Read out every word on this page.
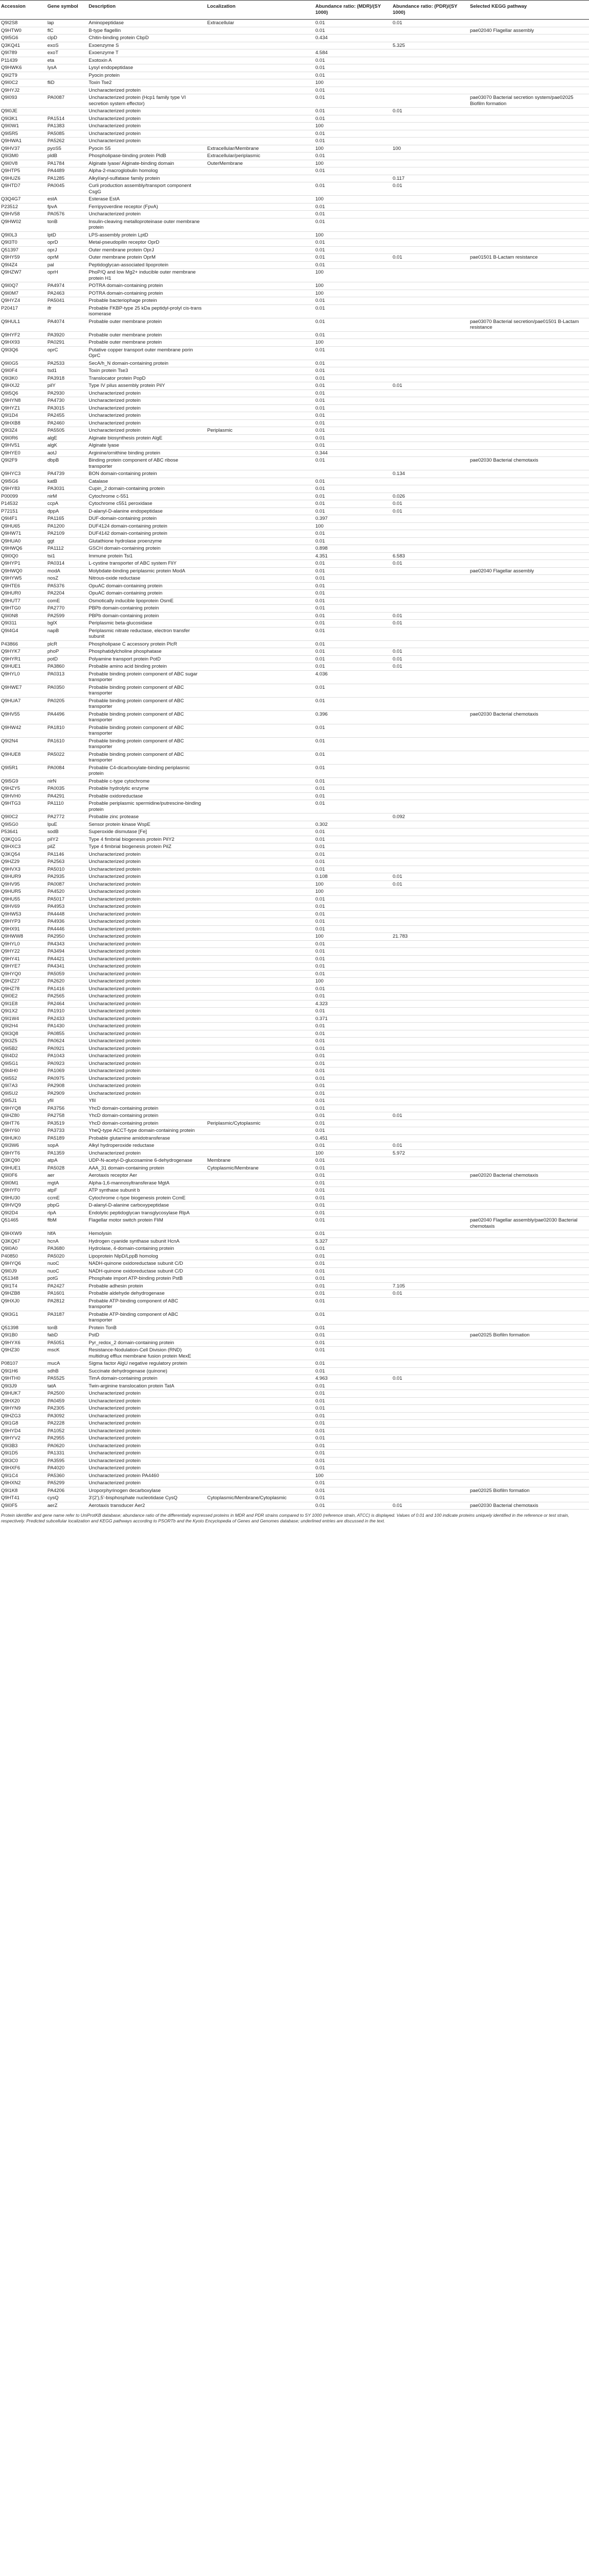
Accession	Gene symbol	Description	Localization	Abundance ratio: (MDR)/(SY 1000)	Abundance ratio: (PDR)/(SY 1000)	Selected KEGG pathway
Q9I2S8	lap	Aminopeptidase	Extracellular	0.01	0.01	
Q9HTW0	flC	B-type flagellin		0.01		pae02040 Flagellar assembly
Q9I5G6	clpD	Chitin-binding protein CbpD		0.434		
Q3KQ41	exoS	Exoenzyme S			5.325	
Q9I789	exoT	Exoenzyme T		4.584		
P11439	eta	Exotoxin A		0.01		
Q9HWK6	lysA	Lysyl endopeptidase		0.01		
Q9I2T9		Pyocin protein		0.01		
Q9I0C2	fliD	Toxin Tse2		100		
Q9HYJ2		Uncharacterized protein		0.01		
Q9I093	PA0087	Uncharacterized protein (Hcp1 family type VI secretion system effector)		0.01		pae03070 Bacterial secretion system/pae02025 Biofilm formation
Q9I0JE		Uncharacterized protein		0.01	0.01	
Q9I3K1	PA1514	Uncharacterized protein		0.01		
Q9I0W1	PA1383	Uncharacterized protein		100		
Q9I5R5	PA5085	Uncharacterized protein		0.01		
Q9HWA1	PA5262	Uncharacterized protein		0.01		
Q9HV37	pyoS5	Pyocin S5	Extracellular/Membrane	100	100	
Q9I3M0	pldB	Phospholipase-binding protein PldB	Extracellular/periplasmic	0.01		
Q9I0V8	PA1784	Alginate lyase/ Alginate-binding domain	OuterMembrane	100		
Q9HTP5	PA4489	Alpha-2-macroglobulin homolog		0.01		
Q9HUZ6	PA1285	Alkyl/aryl-sulfatase family protein			0.117	
Q9HTD7	PA0045	Curli production assembly/transport component CsgG		0.01	0.01	
Q3Q4G7	estA	Esterase EstA		100		
P23512	fpvA	Ferripyoverdine receptor (FpvA)		0.01		
Q9HV58	PA0576	Uncharacterized protein		0.01		
Q9HW02	tonB	Insulin-cleaving metalloproteinase outer membrane protein		0.01		
Q9I0L3	lptD	LPS-assembly protein LptD		100		
Q9I3T0	oprD	Metal-pseudopilin receptor OprD		0.01		
Q51397	oprJ	Outer membrane protein OprJ		0.01		
Q9HY59	oprM	Outer membrane protein OprM		0.01	0.01	pae01501 B-Lactam resistance
Q9I4Z4	pal	Peptidoglycan-associated lipoprotein		0.01		
Q9HZW7	oprH	PhoP/Q and low Mg2+ inducible outer membrane protein H1		100		
Q9I0Q7	PA4974	POTRA domain-containing protein		100		
Q9I0M7	PA2463	POTRA domain-containing protein		100		
Q9HYZ4	PA5041	Probable bacteriophage protein		0.01		
P20417	ifr	Probable FKBP-type 25 kDa peptidyl-prolyl cis-trans isomerase		0.01		
Q9HUL1	PA4074	Probable outer membrane protein		0.01		pae03070 Bacterial secretion/pae01501 B-Lactam resistance
Q9HYF2	PA3920	Probable outer membrane protein		0.01		
Q9HX93	PA0291	Probable outer membrane protein		100		
Q9I3Q6	oprC	Putative copper transport outer membrane porin OprC		0.01		
Q9I0G5	PA2533	SecA/h_N domain-containing protein		0.01		
Q9I0F4	tsd1	Toxin protein Tse3		0.01		
Q9I3K0	PA3918	Translocator protein PopD		0.01		
Q9HXJ2	pilY	Type IV pilus assembly protein PilY		0.01	0.01	
Q9I5Q6	PA2930	Uncharacterized protein		0.01		
Q9HYN8	PA4730	Uncharacterized protein		0.01		
Q9HYZ1	PA3015	Uncharacterized protein		0.01		
Q9I1D4	PA2455	Uncharacterized protein		0.01		
Q9HXB8	PA2460	Uncharacterized protein		0.01		
Q9I3Z4	PA5505	Uncharacterized protein	Periplasmic	0.01		
Q9I0R6	algE	Alginate biosynthesis protein AlgE		0.01		
Q9HV51	algK	Alginate lyase		0.01		
Q9HYE0	aotJ	Arginine/ornithine binding protein		0.344		
Q9I2F9	dbpB	Binding protein component of ABC ribose transporter		0.01		pae02030 Bacterial chemotaxis
Q9HYC3	PA4739	BON domain-containing protein			0.134	
Q9I5G6	katB	Catalase		0.01		
Q9HY83	PA3031	Cupin_2 domain-containing protein		0.01		
P00099	nirM	Cytochrome c-551		0.01	0.026	
P14532	ccpA	Cytochrome c551 peroxidase		0.01	0.01	
P72151	dppA	D-alanyl-D-alanine endopeptidase		0.01	0.01	
Q9I4F1	PA1165	DUF-domain-containing protein		0.397		
Q9HU65	PA1200	DUF4124 domain-containing protein		100		
Q9HW71	PA2109	DUF4142 domain-containing protein		0.01		
Q9HUA0	ggt	Glutathione hydrolase proenzyme		0.01		
Q9HWQ6	PA1112	GSCH domain-containing protein		0.898		
Q9I0Q0	tsi1	Immune protein Tsi1		4.351	6.583	
Q9HYP1	PA0314	L-cystine transporter of ABC system FliY		0.01	0.01	
Q9HWQ0	modA	Molybdate-binding periplasmic protein ModA		0.01		pae02040 Flagellar assembly
Q9HYW5	nosZ	Nitrous-oxide reductase		0.01		
Q9HTE6	PA5376	OpuAC domain-containing protein		0.01		
Q9HUR0	PA2204	OpuAC domain-containing protein		0.01		
Q9HUT7	comE	Osmotically inducible lipoprotein OsmE		0.01		
Q9HTG0	PA2770	PBPb domain-containing protein		0.01		
Q9I0N8	PA2599	PBPb domain-containing protein		0.01	0.01	
Q9I311	bglX	Periplasmic beta-glucosidase		0.01	0.01	
Q9I4G4	napB	Periplasmic nitrate reductase, electron transfer subunit		0.01		
P43866	plcR	Phospholipase C accessory protein PlcR		0.01		
Q9HYK7	phoP	Phosphatidylcholine phosphatase		0.01	0.01	
Q9HYR1	potD	Polyamine transport protein PotD		0.01	0.01	
Q9HUE1	PA3860	Probable amino acid binding protein		0.01	0.01	
Q9HYL0	PA0313	Probable binding protein component of ABC sugar transporter		4.036		
Q9HWE7	PA0350	Probable binding protein component of ABC transporter		0.01		
Q9HUA7	PA0205	Probable binding protein component of ABC transporter		0.01		
Q9HV55	PA4496	Probable binding protein component of ABC transporter		0.396		pae02030 Bacterial chemotaxis
Q9HW42	PA1810	Probable binding protein component of ABC transporter		0.01		
Q9I2N4	PA1610	Probable binding protein component of ABC transporter		0.01		
Q9HUE8	PA5022	Probable binding protein component of ABC transporter		0.01		
Q9I5R1	PA0084	Probable C4-dicarboxylate-binding periplasmic protein		0.01		
Q9I5G9	nirN	Probable c-type cytochrome		0.01		
Q9HZY5	PA0035	Probable hydrolytic enzyme		0.01		
Q9HVH0	PA4291	Probable oxidoreductase		0.01		
Q9HTG3	PA1110	Probable periplasmic spermidine/putrescine-binding protein		0.01		
Q9I0C2	PA2772	Probable zinc protease			0.092	
Q9I5G0	lpuE	Sensor protein kinase WspE		0.302		
P53641	sodB	Superoxide dismutase [Fe]		0.01		
Q3KQ1G	pilY2	Type 4 fimbrial biogenesis protein PilY2		0.01		
Q9HXC3	pilZ	Type 4 fimbrial biogenesis protein PilZ		0.01		
Q3KQ54	PA1146	Uncharacterized protein		0.01		
Q9HZ29	PA2563	Uncharacterized protein		0.01		
Q9HVX3	PA5010	Uncharacterized protein		0.01		
Q9HUR9	PA2935	Uncharacterized protein		0.108	0.01	
Q9HV95	PA0087	Uncharacterized protein		100	0.01	
Q9HUR5	PA4520	Uncharacterized protein		100		
Q9HU55	PA5017	Uncharacterized protein		0.01		
Q9HV69	PA4953	Uncharacterized protein		0.01		
Q9HW53	PA4448	Uncharacterized protein		0.01		
Q9HYP3	PA4936	Uncharacterized protein		0.01		
Q9HX91	PA4446	Uncharacterized protein		0.01		
Q9HWW8	PA2950	Uncharacterized protein		100	21.783	
Q9HYL0	PA4343	Uncharacterized protein		0.01		
Q9HY22	PA3494	Uncharacterized protein		0.01		
Q9HY41	PA4421	Uncharacterized protein		0.01		
Q9HYE7	PA4341	Uncharacterized protein		0.01		
Q9HYQ0	PA5059	Uncharacterized protein		0.01		
Q9HZ27	PA2620	Uncharacterized protein		100		
Q9HZ78	PA1416	Uncharacterized protein		0.01		
Q9I0E2	PA2565	Uncharacterized protein		0.01		
Q9I1E8	PA2464	Uncharacterized protein		4.323		
Q9I1X2	PA1910	Uncharacterized protein		0.01		
Q9I1W4	PA2433	Uncharacterized protein		0.371		
Q9I2H4	PA1430	Uncharacterized protein		0.01		
Q9I3Q8	PA0855	Uncharacterized protein		0.01		
Q9I3Z5	PA0624	Uncharacterized protein		0.01		
Q9I5B2	PA0921	Uncharacterized protein		0.01		
Q9I4D2	PA1043	Uncharacterized protein		0.01		
Q9I5G1	PA0923	Uncharacterized protein		0.01		
Q9I4H0	PA1069	Uncharacterized protein		0.01		
Q9I552	PA0975	Uncharacterized protein		0.01		
Q9I7A3	PA2908	Uncharacterized protein		0.01		
Q9I5U2	PA2909	Uncharacterized protein		0.01		
Q9I5J1	yfiI	YfiI		0.01		
Q9HYQ8	PA3756	YhcD domain-containing protein		0.01		
Q9HZ80	PA2758	YhcD domain-containing protein		0.01	0.01	
Q9HT76	PA3519	YhcD domain-containing protein	Periplasmic/Cytoplasmic	0.01		
Q9HY60	PA3733	YheQ-type ACCT-type domain-containing protein		0.01		
Q9HUK0	PA5189	Probable glutamine amidotransferase		0.451		
Q9I3W6	sopA	Alkyl hydroperoxide reductase		0.01	0.01	
Q9HYT6	PA1359	Uncharacterized protein		100	5.972	
Q3KQ90	atpA	UDP-N-acetyl-D-glucosamine 6-dehydrogenase	Membrane	0.01		
Q9HUE1	PA5028	AAA_31 domain-containing protein	Cytoplasmic/Membrane	0.01		
Q9I0F6	aer	Aerotaxis receptor Aer		0.01		pae02020 Bacterial chemotaxis
Q9I0M1	mgtA	Alpha-1,6-mannosyltransferase MgtA		0.01		
Q9HYF0	atpF	ATP synthase subunit b		0.01		
Q9HU30	ccmE	Cytochrome c-type biogenesis protein CcmE		0.01		
Q9HVQ9	pbpG	D-alanyl-D-alanine carboxypeptidase		0.01		
Q9I2D4	rlpA	Endolytic peptidoglycan transglycosylase RlpA		0.01		
Q51465	flbM	Flagellar motor switch protein FliM		0.01		pae02040 Flagellar assembly/pae02030 Bacterial chemotaxis
Q9HXW9	hlfA	Hemolysin		0.01		
Q3KQ67	hcnA	Hydrogen cyanide synthase subunit HcnA		5.327		
Q9I0A0	PA3680	Hydrolase, 4-domain-containing protein		0.01		
P40850	PA5020	Lipoprotein NlpD/LppB homolog		0.01		
Q9HYQ6	nuoC	NADH-quinone oxidoreductase subunit C/D		0.01		
Q9I0J9	nuoC	NADH-quinone oxidoreductase subunit C/D		0.01		
Q51348	potG	Phosphate import ATP-binding protein PstB		0.01		
Q9I1T4	PA2427	Probable adhesin protein		0.01	7.105	
Q9HZB8	PA1601	Probable aldehyde dehydrogenase		0.01	0.01	
Q9HXJ0	PA2812	Probable ATP-binding component of ABC transporter		0.01		
Q9I3G1	PA3187	Probable ATP-binding component of ABC transporter		0.01		
Q51398	tonB	Protein TonB		0.01		
Q9I1B0	fabD	PstD		0.01		pae02025 Biofilm formation
Q9HYX6	PA5051	Pyr_redox_2 domain-containing protein		0.01		
Q9HZ30	mscK	Resistance-Nodulation-Cell Division (RND) multidrug efflux membrane fusion protein MexE		0.01		
P08107	mucA	Sigma factor AlgU negative regulatory protein		0.01		
Q9I1H6	sdhB	Succinate dehydrogenase (quinone)		0.01		
Q9HTH0	PA5525	TimA domain-containing protein		4.963	0.01	
Q9I3J9	tatA	Twin-arginine translocation protein TatA		0.01		
Q9HUK7	PA2500	Uncharacterized protein		0.01		
Q9HX20	PA0459	Uncharacterized protein		0.01		
Q9HYN9	PA2305	Uncharacterized protein		0.01		
Q9HZG3	PA3092	Uncharacterized protein		0.01		
Q9I1G8	PA2228	Uncharacterized protein		0.01		
Q9HYD4	PA1052	Uncharacterized protein		0.01		
Q9HYV2	PA2955	Uncharacterized protein		0.01		
Q9I3B3	PA0620	Uncharacterized protein		0.01		
Q9I1D5	PA1331	Uncharacterized protein		0.01		
Q9I3C0	PA3595	Uncharacterized protein		0.01		
Q9HXF6	PA4020	Uncharacterized protein		0.01		
Q9I1C4	PA5360	Uncharacterized protein PA4460		100		
Q9HXN2	PA5299	Uncharacterized protein		0.01		
Q9I1K8	PA4206	Uroporphyrinogen decarboxylase		0.01		pae02025 Biofilm formation
Q9HT41	cysQ	3'(2'),5'-bisphosphate nucleotidase CysQ	Cytoplasmic/Membrane/Cytoplasmic	0.01		
Q9I0F5	aerZ	Aerotaxis transducer Aer2		0.01	0.01	pae02030 Bacterial chemotaxis
Protein identifier and gene name refer to UniProtKB database; abundance ratio of the differentially expressed proteins in MDR and PDR strains compared to SY 1000 (reference strain, ATCC) is displayed. Values of 0.01 and 100 indicate proteins uniquely identified in the reference or test strain, respectively. Predicted subcellular localization and KEGG pathways according to PSORTb and the Kyoto Encyclopedia of Genes and Genomes database; underlined entries are discussed in the text.
